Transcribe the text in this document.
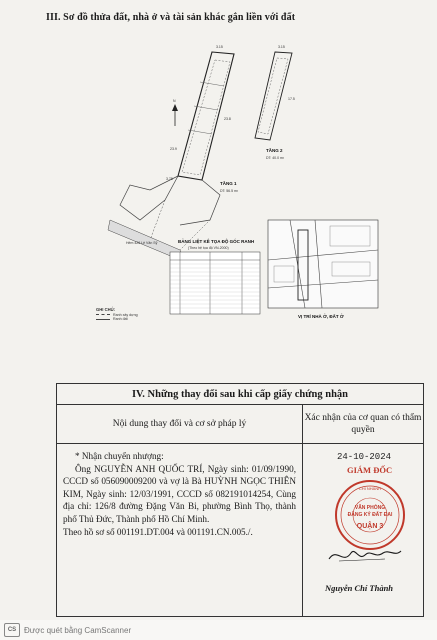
III. Sơ đồ thửa đất, nhà ở và tài sản khác gắn liền với đất
Hẻm 426 Lê Văn Sỹ
TẦNG 1
DT: 56.5 m²
3.15
23.9
23.8
3.75
N
TẦNG 2
DT: 40.0 m²
3.15
17.5
BẢNG LIỆT KÊ TỌA ĐỘ GÓC RANH
(Theo hệ tọa độ VN-2000)
VỊ TRÍ NHÀ Ở, ĐẤT Ở
GHI CHÚ:
Ranh xây dựng
Ranh đất
IV. Những thay đổi sau khi cấp giấy chứng nhận
Nội dung thay đổi và cơ sở pháp lý

* Nhận chuyển nhượng:

Ông NGUYỄN ANH QUỐC TRÍ, Ngày sinh: 01/09/1990, CCCD số 056090009200 và vợ là Bà HUỲNH NGỌC THIÊN KIM, Ngày sinh: 12/03/1991, CCCD số 082191014254, Cùng địa chỉ: 126/8 đường Đặng Văn Bi, phường Bình Thọ, thành phố Thủ Đức, Thành phố Hồ Chí Minh.

Theo hồ sơ số 001191.DT.004 và 001191.CN.005./.

Xác nhận của cơ quan có thẩm quyền
24-10-2024
GIÁM ĐỐC
VĂN PHÒNG
ĐĂNG KÝ ĐẤT ĐAI
QUẬN 3
CHI NHÁNH
Nguyễn Chí Thành
CS Được quét bằng CamScanner
